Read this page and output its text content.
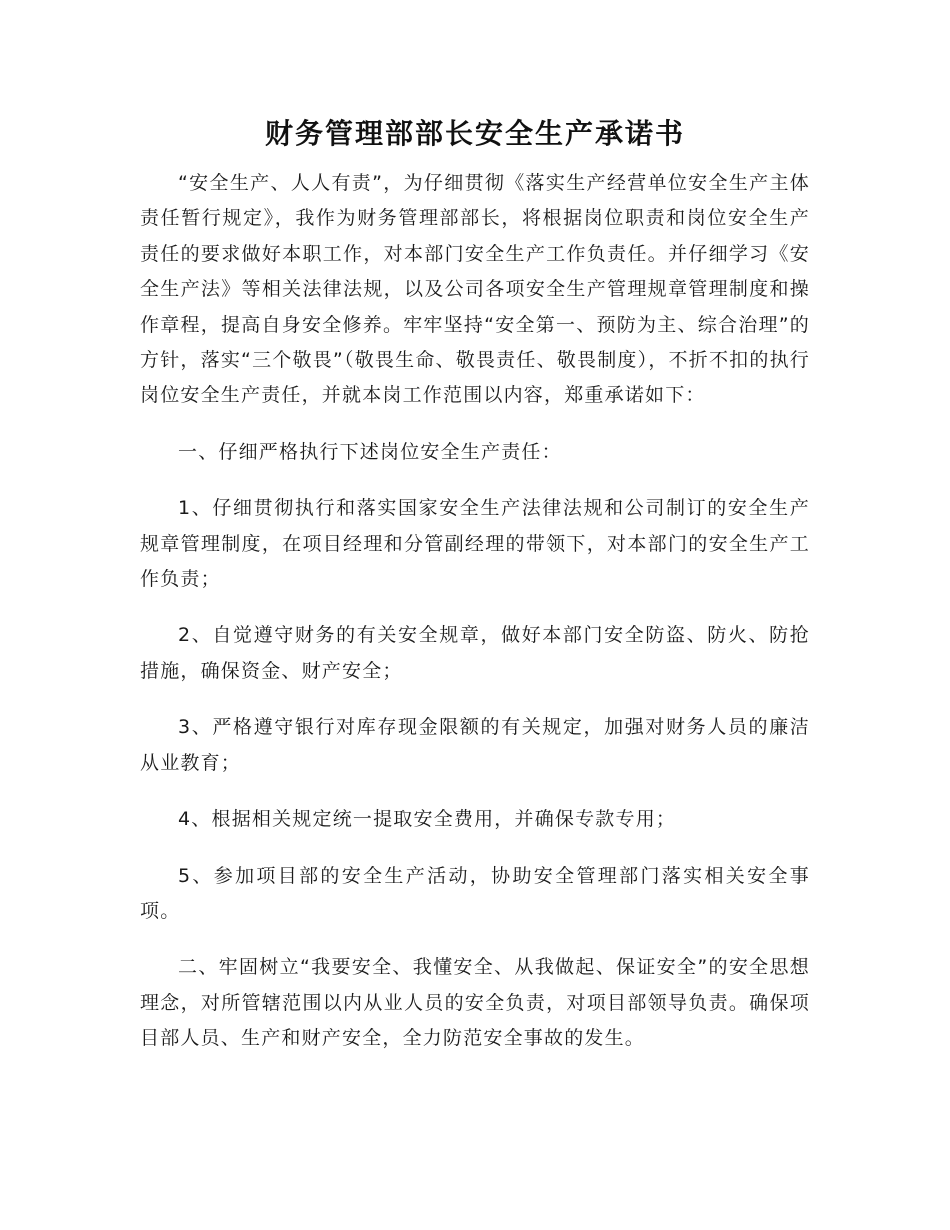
财务管理部部长安全生产承诺书

“安全生产、人人有责”，为仔细贯彻《落实生产经营单位安全生产主体责任暂行规定》，我作为财务管理部部长，将根据岗位职责和岗位安全生产责任的要求做好本职工作，对本部门安全生产工作负责任。并仔细学习《安全生产法》等相关法律法规，以及公司各项安全生产管理规章管理制度和操作章程，提高自身安全修养。牢牢坚持“安全第一、预防为主、综合治理”的方针，落实“三个敬畏”（敬畏生命、敬畏责任、敬畏制度），不折不扣的执行岗位安全生产责任，并就本岗工作范围以内容，郑重承诺如下：

一、仔细严格执行下述岗位安全生产责任：

1、仔细贯彻执行和落实国家安全生产法律法规和公司制订的安全生产规章管理制度，在项目经理和分管副经理的带领下，对本部门的安全生产工作负责；

2、自觉遵守财务的有关安全规章，做好本部门安全防盗、防火、防抢措施，确保资金、财产安全；

3、严格遵守银行对库存现金限额的有关规定，加强对财务人员的廉洁从业教育；

4、根据相关规定统一提取安全费用，并确保专款专用；

5、参加项目部的安全生产活动，协助安全管理部门落实相关安全事项。

二、牢固树立“我要安全、我懂安全、从我做起、保证安全”的安全思想理念，对所管辖范围以内从业人员的安全负责，对项目部领导负责。确保项目部人员、生产和财产安全，全力防范安全事故的发生。
